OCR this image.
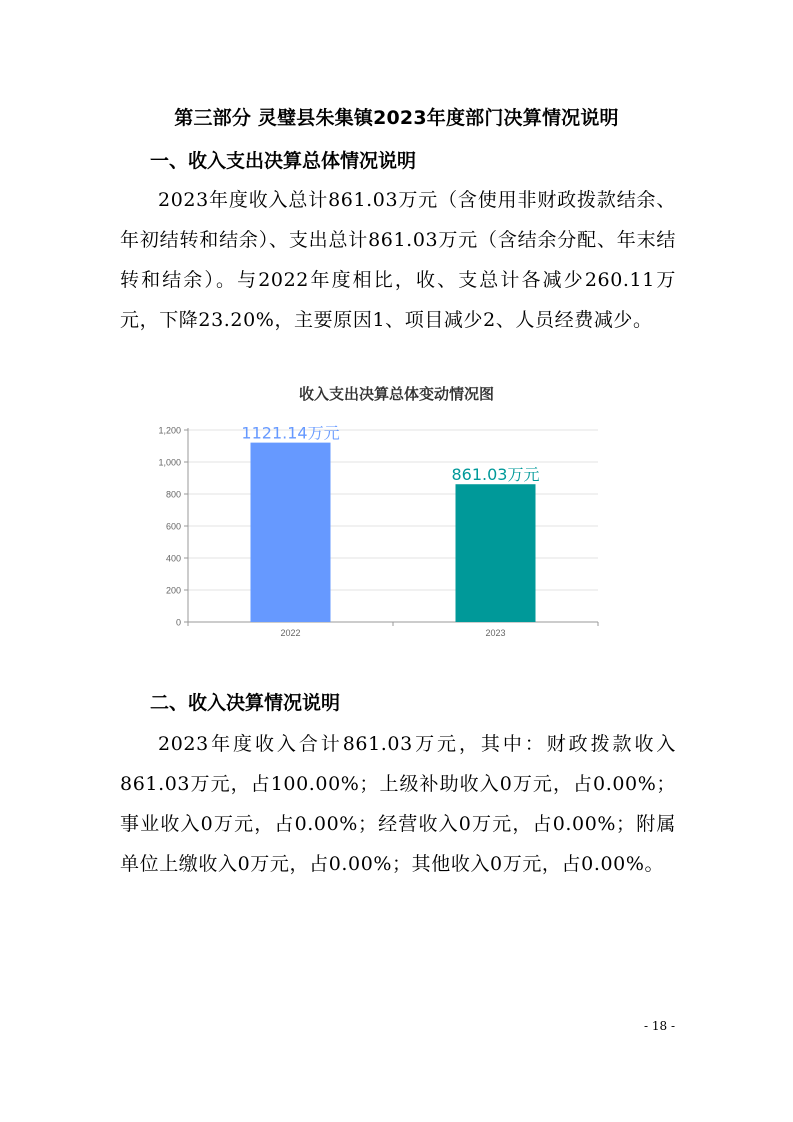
第三部分 灵璧县朱集镇2023年度部门决算情况说明
一、收入支出决算总体情况说明
2023年度收入总计861.03万元（含使用非财政拨款结余、年初结转和结余）、支出总计861.03万元（含结余分配、年末结转和结余）。与2022年度相比，收、支总计各减少260.11万元，下降23.20%，主要原因1、项目减少2、人员经费减少。
收入支出决算总体变动情况图
0
200
400
600
800
1,000
1,200	1121.14万元
2022
861.03万元
2023
二、收入决算情况说明
2023年度收入合计861.03万元，其中：财政拨款收入861.03万元，占100.00%；上级补助收入0万元，占0.00%；事业收入0万元，占0.00%；经营收入0万元，占0.00%；附属单位上缴收入0万元，占0.00%；其他收入0万元，占0.00%。
- 18 -
